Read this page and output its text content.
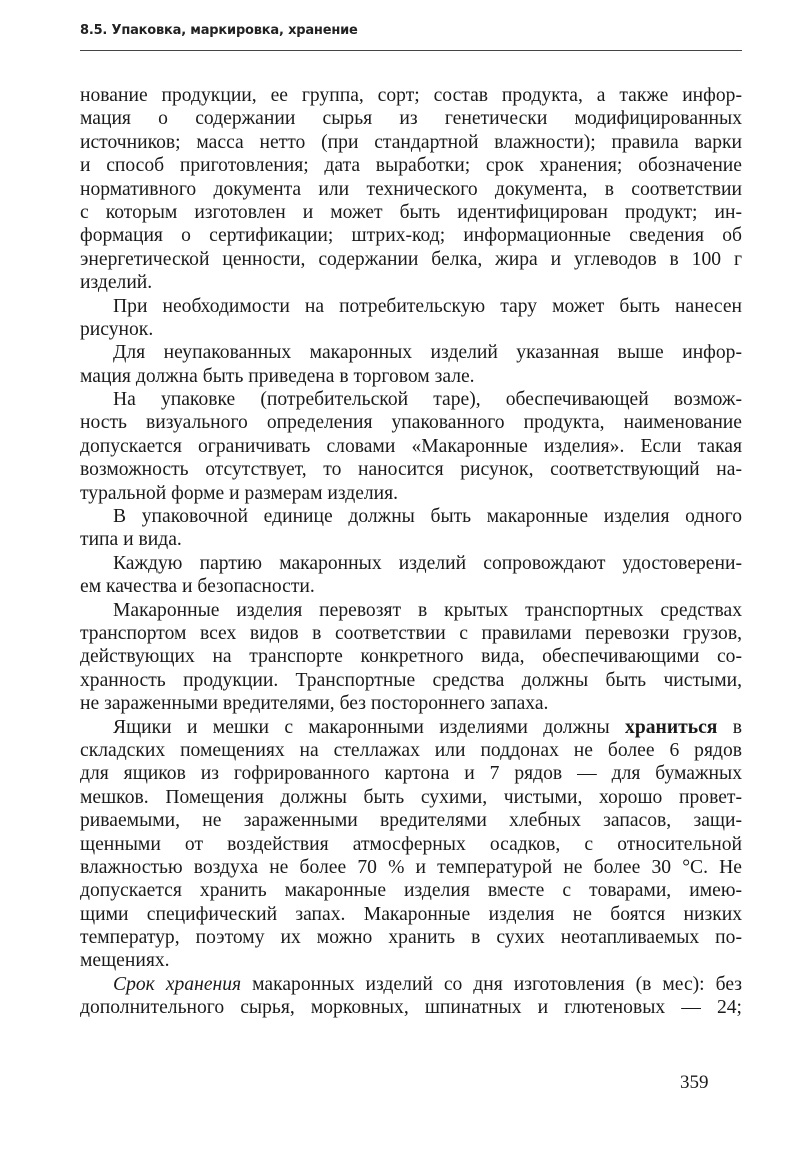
8.5. Упаковка, маркировка, хранение
нование продукции, ее группа, сорт; состав продукта, а также инфор-
мация о содержании сырья из генетически модифицированных
источников; масса нетто (при стандартной влажности); правила варки
и способ приготовления; дата выработки; срок хранения; обозначение
нормативного документа или технического документа, в соответствии
с которым изготовлен и может быть идентифицирован продукт; ин-
формация о сертификации; штрих-код; информационные сведения об
энергетической ценности, содержании белка, жира и углеводов в 100 г
изделий.
При необходимости на потребительскую тару может быть нанесен
рисунок.
Для неупакованных макаронных изделий указанная выше инфор-
мация должна быть приведена в торговом зале.
На упаковке (потребительской таре), обеспечивающей возмож-
ность визуального определения упакованного продукта, наименование
допускается ограничивать словами «Макаронные изделия». Если такая
возможность отсутствует, то наносится рисунок, соответствующий на-
туральной форме и размерам изделия.
В упаковочной единице должны быть макаронные изделия одного
типа и вида.
Каждую партию макаронных изделий сопровождают удостоверени-
ем качества и безопасности.
Макаронные изделия перевозят в крытых транспортных средствах
транспортом всех видов в соответствии с правилами перевозки грузов,
действующих на транспорте конкретного вида, обеспечивающими со-
хранность продукции. Транспортные средства должны быть чистыми,
не зараженными вредителями, без постороннего запаха.
Ящики и мешки с макаронными изделиями должны храниться в
складских помещениях на стеллажах или поддонах не более 6 рядов
для ящиков из гофрированного картона и 7 рядов — для бумажных
мешков. Помещения должны быть сухими, чистыми, хорошо провет-
риваемыми, не зараженными вредителями хлебных запасов, защи-
щенными от воздействия атмосферных осадков, с относительной
влажностью воздуха не более 70 % и температурой не более 30 °С. Не
допускается хранить макаронные изделия вместе с товарами, имею-
щими специфический запах. Макаронные изделия не боятся низких
температур, поэтому их можно хранить в сухих неотапливаемых по-
мещениях.
Срок хранения макаронных изделий со дня изготовления (в мес): без
дополнительного сырья, морковных, шпинатных и глютеновых — 24;
359
